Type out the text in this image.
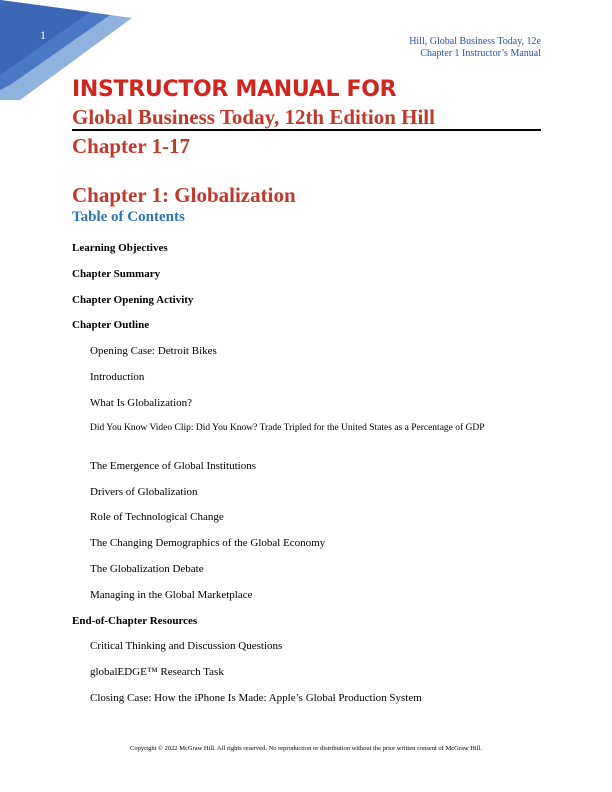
1	Hill, Global Business Today, 12e
Chapter 1 Instructor’s Manual
INSTRUCTOR MANUAL FOR
Global Business Today, 12th Edition Hill
Chapter 1-17
Chapter 1: Globalization
Table of Contents
Learning Objectives
Chapter Summary
Chapter Opening Activity
Chapter Outline
Opening Case: Detroit Bikes
Introduction
What Is Globalization?
Did You Know Video Clip: Did You Know? Trade Tripled for the United States as a Percentage of GDP
The Emergence of Global Institutions
Drivers of Globalization
Role of Technological Change
The Changing Demographics of the Global Economy
The Globalization Debate
Managing in the Global Marketplace
End-of-Chapter Resources
Critical Thinking and Discussion Questions
globalEDGE™ Research Task
Closing Case: How the iPhone Is Made: Apple’s Global Production System
Copyright © 2022 McGraw Hill. All rights reserved. No reproduction or distribution without the prior written consent of McGraw Hill.
